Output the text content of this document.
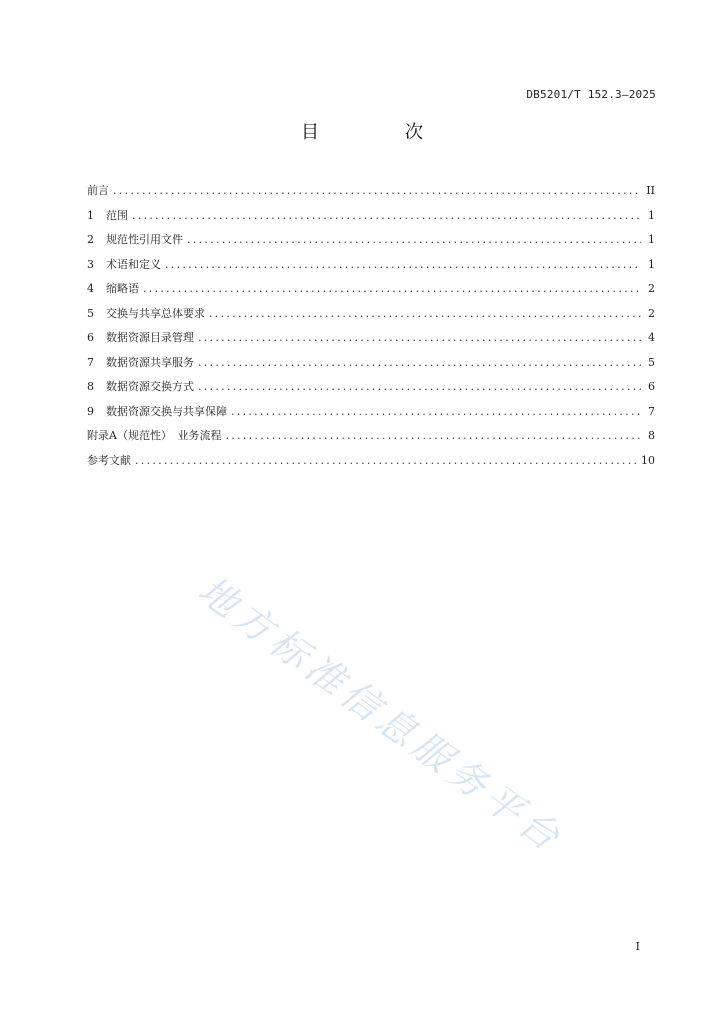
DB5201/T 152.3—2025
目　次
前言 .....	II
1	范围 .....	1
2	规范性引用文件 .....	1
3	术语和定义 .....	1
4	缩略语 .....	2
5	交换与共享总体要求 .....	2
6	数据资源目录管理 .....	4
7	数据资源共享服务 .....	5
8	数据资源交换方式 .....	6
9	数据资源交换与共享保障 .....	7
附录A（规范性）　业务流程 .....	8
参考文献 .....	10
地方标准信息服务平台
I
